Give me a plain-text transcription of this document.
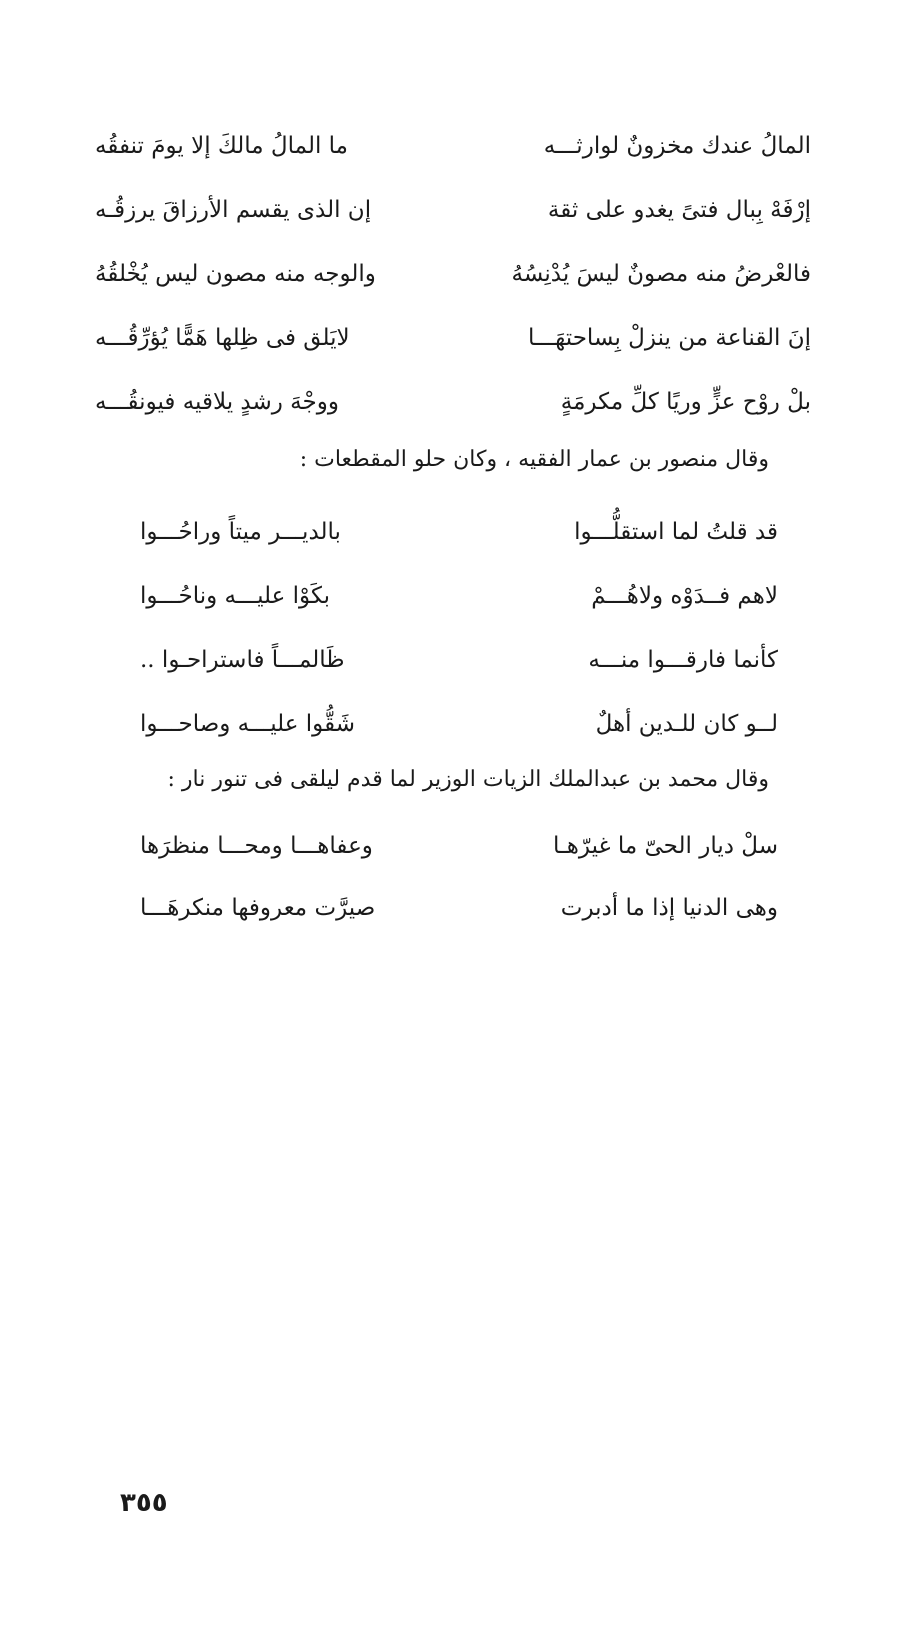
المالُ عندك مخزونٌ لوارثـــه
ما المالُ مالكَ إلا يومَ تنفقُه
إرْفَهْ بِبال فتىً يغدو على ثقة
إن الذى يقسم الأرزاقَ يرزقُـه
فالعْرضُ منه مصونٌ ليسَ يُدْنِسُهُ
والوجه منه مصون ليس يُخْلقُهُ
إنَ القناعة من ينزلْ بِساحتهَـــا
لايَلق فى ظِلها هَمًّا يُؤرِّقُـــه
بلْ روْح عزٍّ وريًا كلِّ مكرمَةٍ
ووجْهَ رشدٍ يلاقيه فيونقُـــه
وقال منصور بن عمار الفقيه ، وكان حلو المقطعات :
قد قلتُ لما استقلُّـــوا
بالديـــر ميتاً وراحُـــوا
لاهم فــدَوْه ولاهُـــمْ
بكَوْا عليـــه وناحُـــوا
كأنما فارقـــوا منـــه
ظَالمـــاً فاستراحـوا ..
لــو كان للـدين أهلٌ
شَقُّوا عليـــه وصاحـــوا
وقال محمد بن عبدالملك الزيات الوزير لما قدم ليلقى فى تنور نار :
سلْ ديار الحىّ ما غيرّهـا
وعفاهـــا ومحـــا منظرَها
وهى الدنيا إذا ما أدبرت
صيرَّت معروفها منكرهَـــا
٣٥٥
